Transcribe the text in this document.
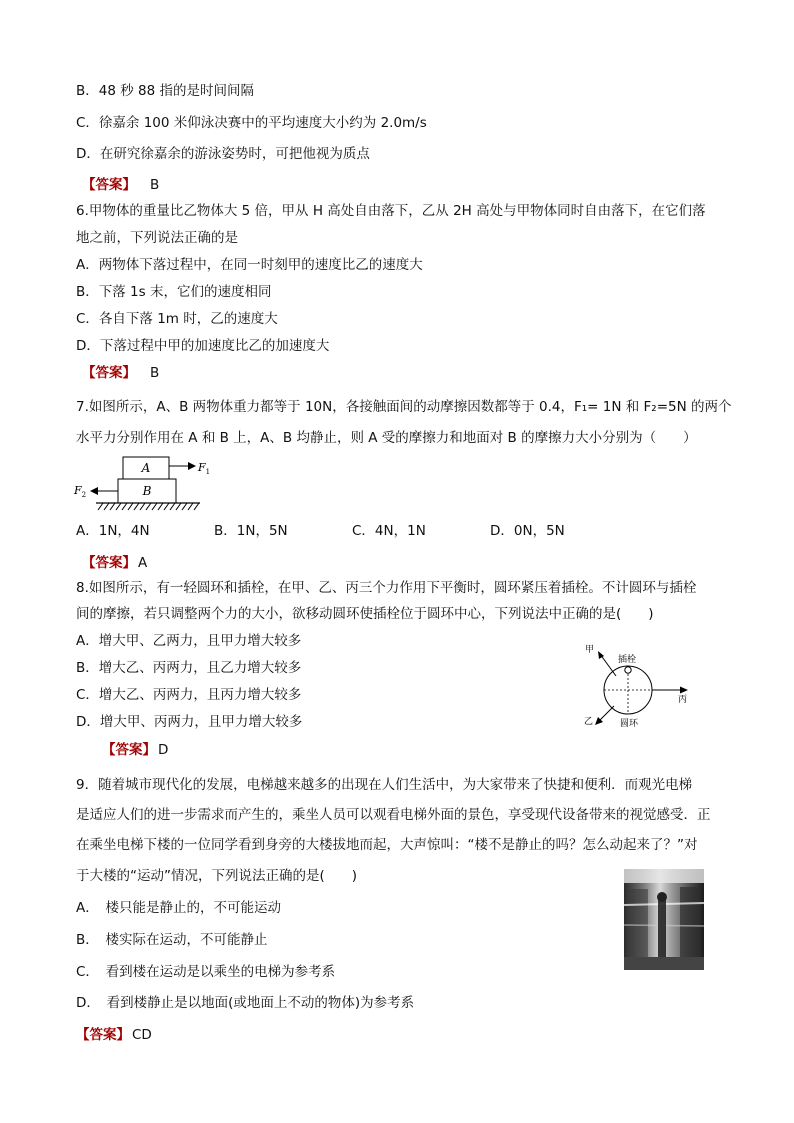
B．48 秒 88 指的是时间间隔
C．徐嘉余 100 米仰泳决赛中的平均速度大小约为 2.0m/s
D．在研究徐嘉余的游泳姿势时，可把他视为质点
【答案】 B
6.甲物体的重量比乙物体大 5 倍，甲从 H 高处自由落下，乙从 2H 高处与甲物体同时自由落下，在它们落
地之前，下列说法正确的是
A．两物体下落过程中，在同一时刻甲的速度比乙的速度大
B．下落 1s 末，它们的速度相同
C．各自下落 1m 时，乙的速度大
D．下落过程中甲的加速度比乙的加速度大
【答案】 B
7.如图所示，A、B 两物体重力都等于 10N，各接触面间的动摩擦因数都等于 0.4，F₁= 1N 和 F₂=5N 的两个
水平力分别作用在 A 和 B 上，A、B 均静止，则 A 受的摩擦力和地面对 B 的摩擦力大小分别为（　　）
A
B
$F_1$
$F_2$
A．1N，4N	B．1N，5N	C．4N，1N	D．0N，5N
【答案】 A
8.如图所示，有一轻圆环和插栓，在甲、乙、丙三个力作用下平衡时，圆环紧压着插栓。不计圆环与插栓
间的摩擦，若只调整两个力的大小，欲移动圆环使插栓位于圆环中心，下列说法中正确的是(　　)
A．增大甲、乙两力，且甲力增大较多
B．增大乙、丙两力，且乙力增大较多
C．增大乙、丙两力，且丙力增大较多
D．增大甲、丙两力，且甲力增大较多
插栓
甲
丙
乙	圆环
【答案】 D
9．随着城市现代化的发展，电梯越来越多的出现在人们生活中，为大家带来了快捷和便利．而观光电梯
是适应人们的进一步需求而产生的，乘坐人员可以观看电梯外面的景色，享受现代设备带来的视觉感受．正
在乘坐电梯下楼的一位同学看到身旁的大楼拔地而起，大声惊叫：“楼不是静止的吗？怎么动起来了？”对
于大楼的“运动”情况，下列说法正确的是(　　)
A．　楼只能是静止的，不可能运动
B．　楼实际在运动，不可能静止
C．　看到楼在运动是以乘坐的电梯为参考系
D．　看到楼静止是以地面(或地面上不动的物体)为参考系
【答案】 CD
